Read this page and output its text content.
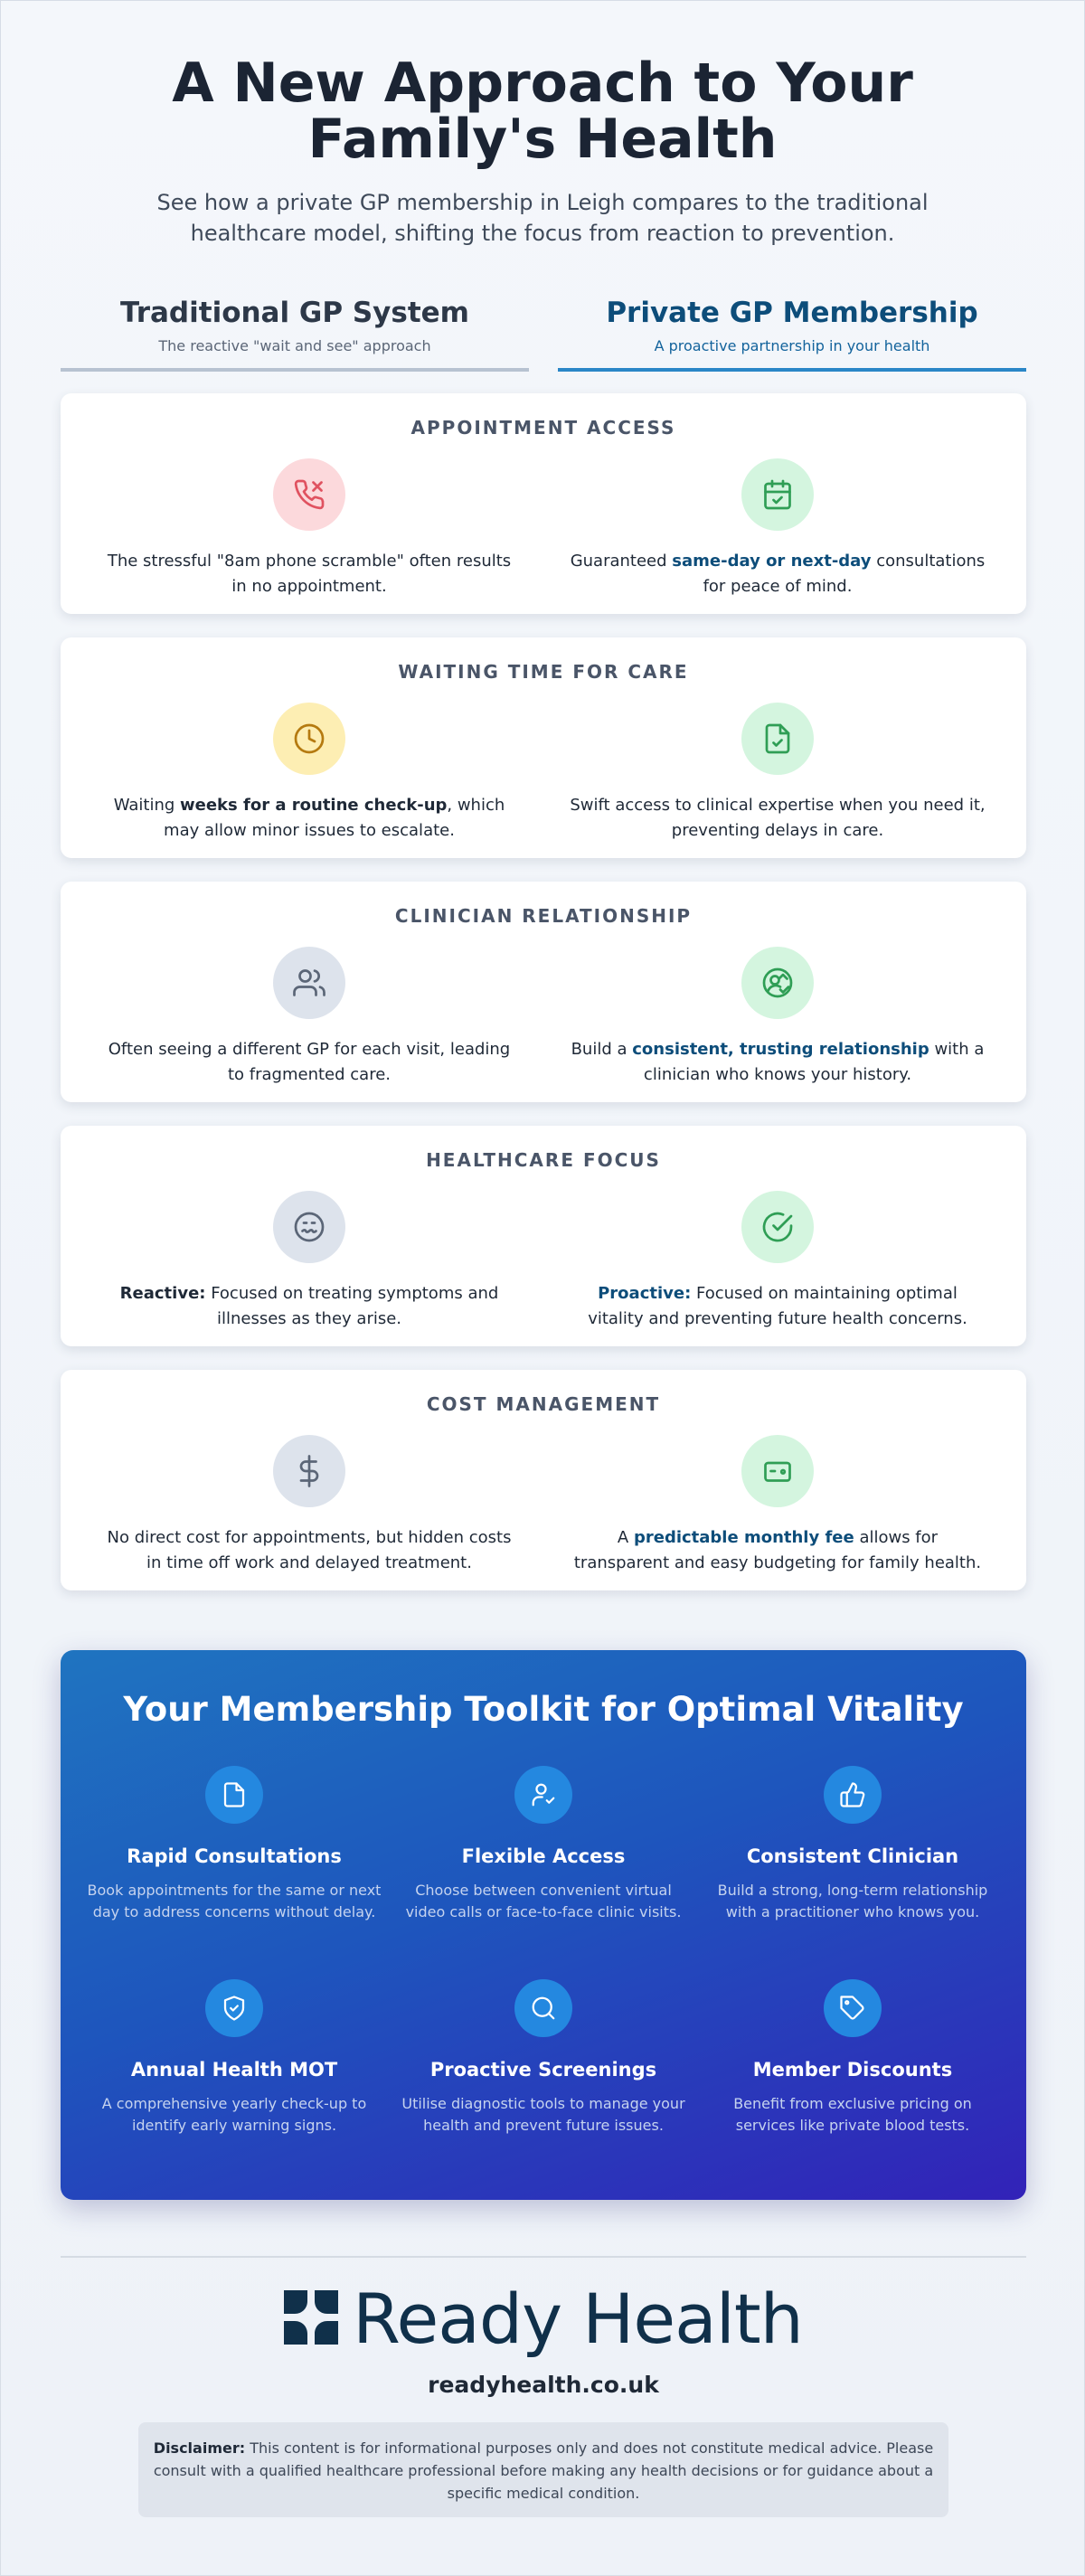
A New Approach to Your Family's Health

See how a private GP membership in Leigh compares to the traditional healthcare model, shifting the focus from reaction to prevention.

Traditional GP System

The reactive "wait and see" approach

Private GP Membership

A proactive partnership in your health

APPOINTMENT ACCESS

The stressful "8am phone scramble" often results in no appointment.

Guaranteed same-day or next-day consultations for peace of mind.

WAITING TIME FOR CARE

Waiting weeks for a routine check-up, which may allow minor issues to escalate.

Swift access to clinical expertise when you need it, preventing delays in care.

CLINICIAN RELATIONSHIP

Often seeing a different GP for each visit, leading to fragmented care.

Build a consistent, trusting relationship with a clinician who knows your history.

HEALTHCARE FOCUS

Reactive: Focused on treating symptoms and illnesses as they arise.

Proactive: Focused on maintaining optimal vitality and preventing future health concerns.

COST MANAGEMENT

No direct cost for appointments, but hidden costs in time off work and delayed treatment.

A predictable monthly fee allows for transparent and easy budgeting for family health.

Your Membership Toolkit for Optimal Vitality
Rapid Consultations

Book appointments for the same or next day to address concerns without delay.

Flexible Access

Choose between convenient virtual video calls or face-to-face clinic visits.

Consistent Clinician

Build a strong, long-term relationship with a practitioner who knows you.

Annual Health MOT

A comprehensive yearly check-up to identify early warning signs.

Proactive Screenings

Utilise diagnostic tools to manage your health and prevent future issues.

Member Discounts

Benefit from exclusive pricing on services like private blood tests.

Ready Health
readyhealth.co.uk
Disclaimer: This content is for informational purposes only and does not constitute medical advice. Please consult with a qualified healthcare professional before making any health decisions or for guidance about a specific medical condition.
